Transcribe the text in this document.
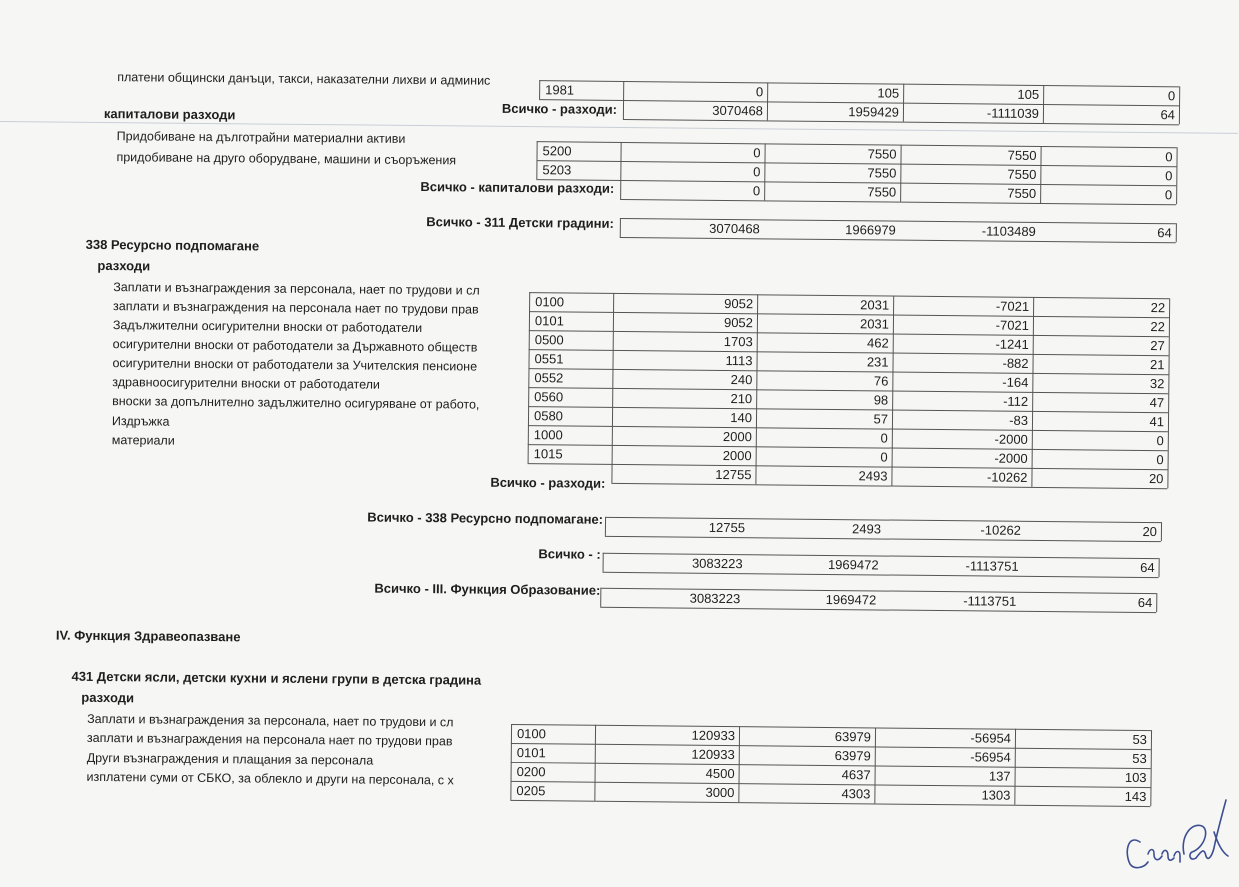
платени общински данъци, такси, наказателни лихви и админис
1981	0	105	105	0
3070468	1959429	-1111039	64
Всичко - разходи:
капиталови разходи
Придобиване на дълготрайни материални активи
придобиване на друго оборудване, машини и съоръжения	5200	0	7550	7550	0
5203	0	7550	7550	0
0	7550	7550	0
Всичко - капиталови разходи:
Всичко - 311 Детски градини:	3070468	1966979	-1103489	64
338 Ресурсно подпомагане
разходи
Заплати и възнаграждения за персонала, нает по трудови и сл
заплати и възнаграждения на персонала нает по трудови прав
Задължителни осигурителни вноски от работодатели
осигурителни вноски от работодатели за Държавното обществ
осигурителни вноски от работодатели за Учителския пенсионе
здравноосигурителни вноски от работодатели
вноски за допълнително задължително осигуряване от работо,
Издръжка
материали
0100	9052	2031	-7021	22
0101	9052	2031	-7021	22
0500	1703	462	-1241	27
0551	1113	231	-882	21
0552	240	76	-164	32
0560	210	98	-112	47
0580	140	57	-83	41
1000	2000	0	-2000	0
1015	2000	0	-2000	0
12755	2493	-10262	20
Всичко - разходи:
Всичко - 338 Ресурсно подпомагане:
12755	2493	-10262	20
Всичко - :
3083223	1969472	-1113751	64
Всичко - III. Функция Образование:
3083223	1969472	-1113751	64
IV. Функция Здравеопазване
431 Детски ясли, детски кухни и яслени групи в детска градина
разходи
Заплати и възнаграждения за персонала, нает по трудови и сл
заплати и възнаграждения на персонала нает по трудови прав
Други възнаграждения и плащания за персонала
изплатени суми от СБКО, за облекло и други на персонала, с х
0100	120933	63979	-56954	53
0101	120933	63979	-56954	53
0200	4500	4637	137	103
0205	3000	4303	1303	143
